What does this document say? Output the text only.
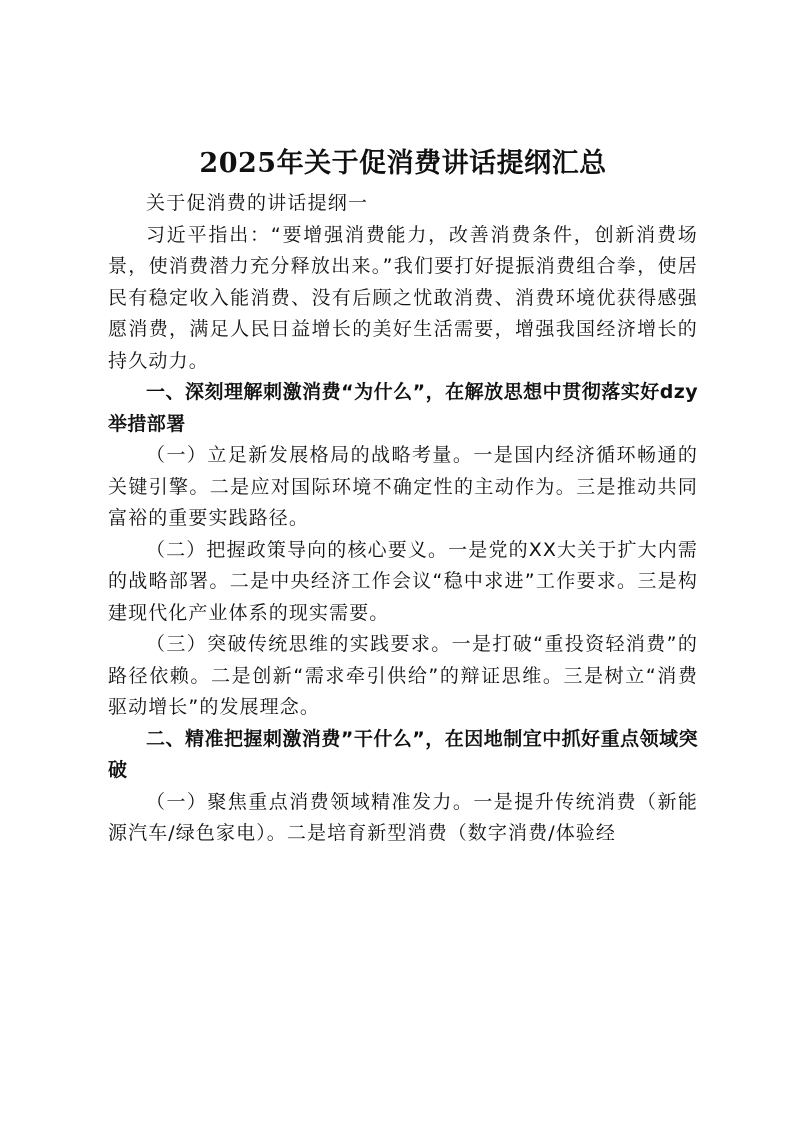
2025年关于促消费讲话提纲汇总

关于促消费的讲话提纲一

习近平指出：“要增强消费能力，改善消费条件，创新消费场景，使消费潜力充分释放出来。”我们要打好提振消费组合拳，使居民有稳定收入能消费、没有后顾之忧敢消费、消费环境优获得感强愿消费，满足人民日益增长的美好生活需要，增强我国经济增长的持久动力。

一、深刻理解刺激消费“为什么”，在解放思想中贯彻落实好dzy举措部署

（一）立足新发展格局的战略考量。一是国内经济循环畅通的关键引擎。二是应对国际环境不确定性的主动作为。三是推动共同富裕的重要实践路径。

（二）把握政策导向的核心要义。一是党的XX大关于扩大内需的战略部署。二是中央经济工作会议“稳中求进”工作要求。三是构建现代化产业体系的现实需要。

（三）突破传统思维的实践要求。一是打破“重投资轻消费”的路径依赖。二是创新“需求牵引供给”的辩证思维。三是树立“消费驱动增长”的发展理念。

二、精准把握刺激消费”干什么”，在因地制宜中抓好重点领域突破

（一）聚焦重点消费领域精准发力。一是提升传统消费（新能源汽车/绿色家电）。二是培育新型消费（数字消费/体验经
